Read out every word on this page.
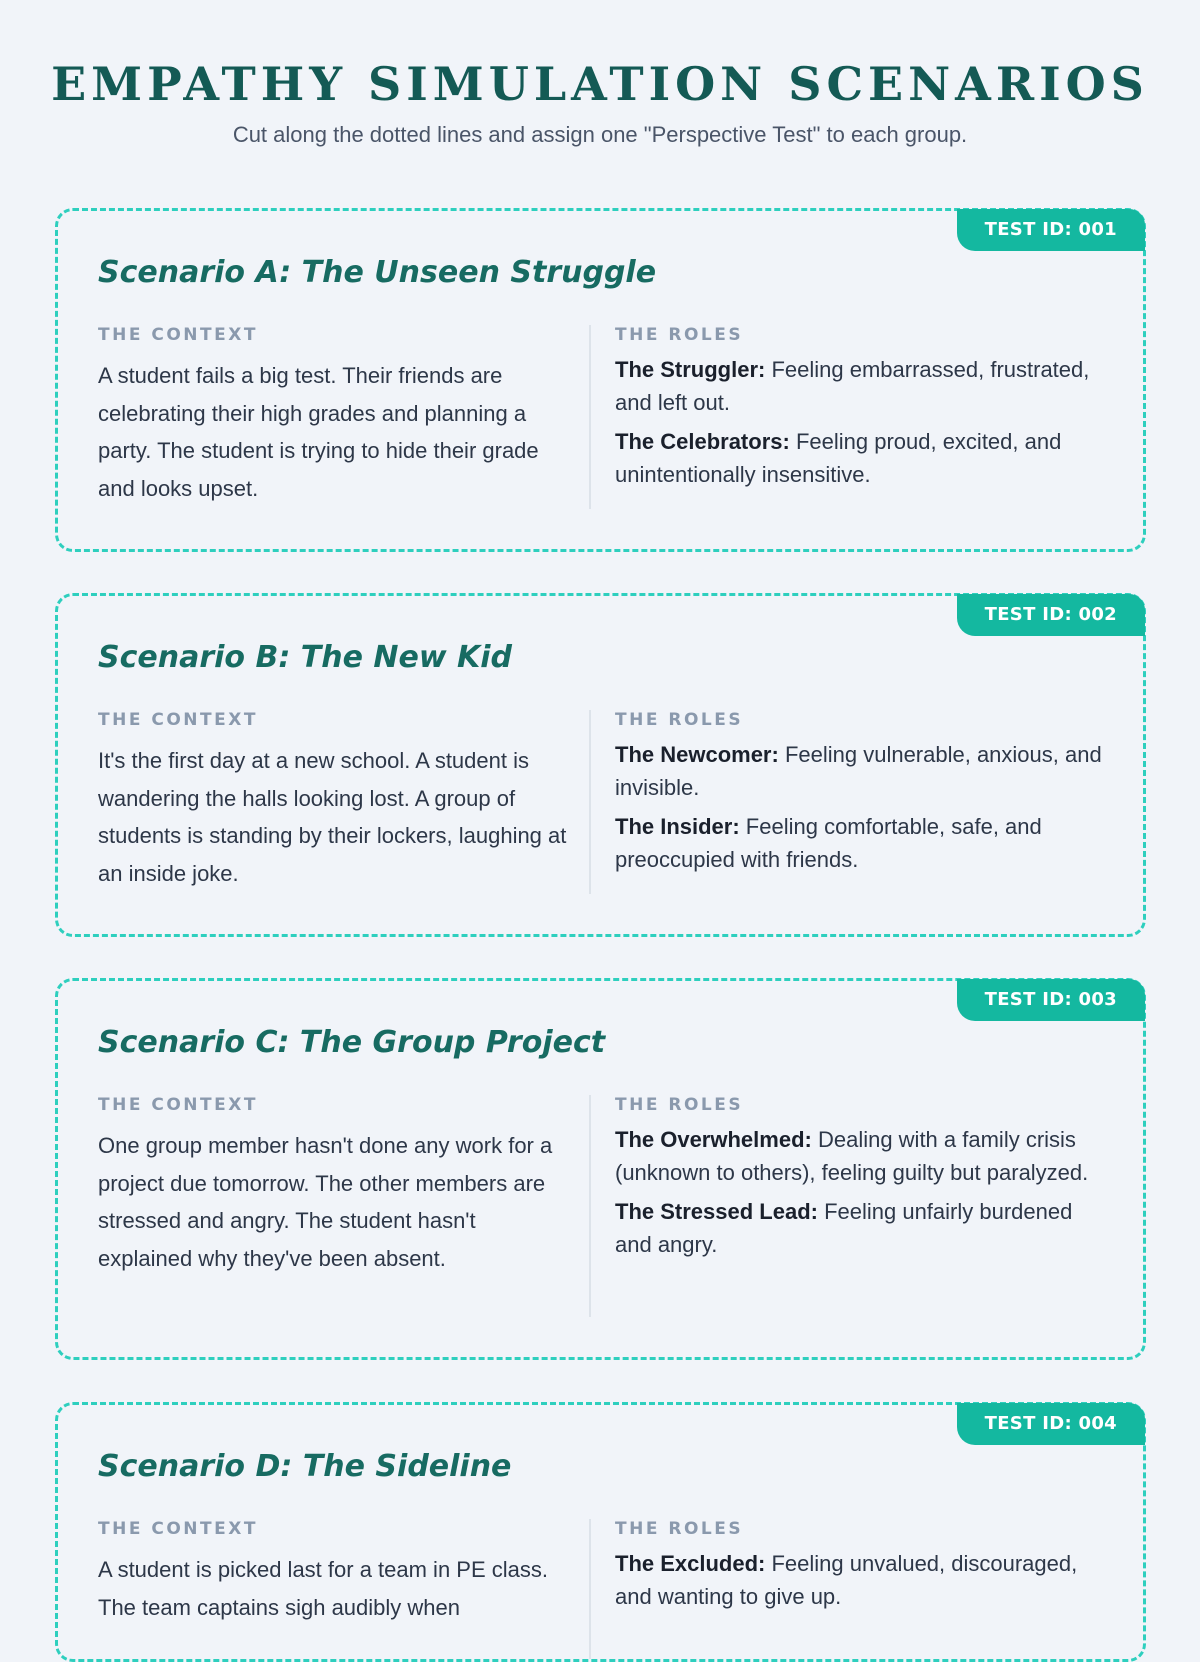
EMPATHY SIMULATION SCENARIOS

Cut along the dotted lines and assign one "Perspective Test" to each group.

TEST ID: 001
Scenario A: The Unseen Struggle
THE CONTEXT

A student fails a big test. Their friends are celebrating their high grades and planning a party. The student is trying to hide their grade and looks upset.

THE ROLES

The Struggler: Feeling embarrassed, frustrated, and left out.

The Celebrators: Feeling proud, excited, and unintentionally insensitive.

TEST ID: 002
Scenario B: The New Kid
THE CONTEXT

It's the first day at a new school. A student is wandering the halls looking lost. A group of students is standing by their lockers, laughing at an inside joke.

THE ROLES

The Newcomer: Feeling vulnerable, anxious, and invisible.

The Insider: Feeling comfortable, safe, and preoccupied with friends.

TEST ID: 003
Scenario C: The Group Project
THE CONTEXT

One group member hasn't done any work for a project due tomorrow. The other members are stressed and angry. The student hasn't explained why they've been absent.

THE ROLES

The Overwhelmed: Dealing with a family crisis (unknown to others), feeling guilty but paralyzed.

The Stressed Lead: Feeling unfairly burdened and angry.

TEST ID: 004
Scenario D: The Sideline
THE CONTEXT

A student is picked last for a team in PE class. The team captains sigh audibly when

THE ROLES

The Excluded: Feeling unvalued, discouraged, and wanting to give up.
